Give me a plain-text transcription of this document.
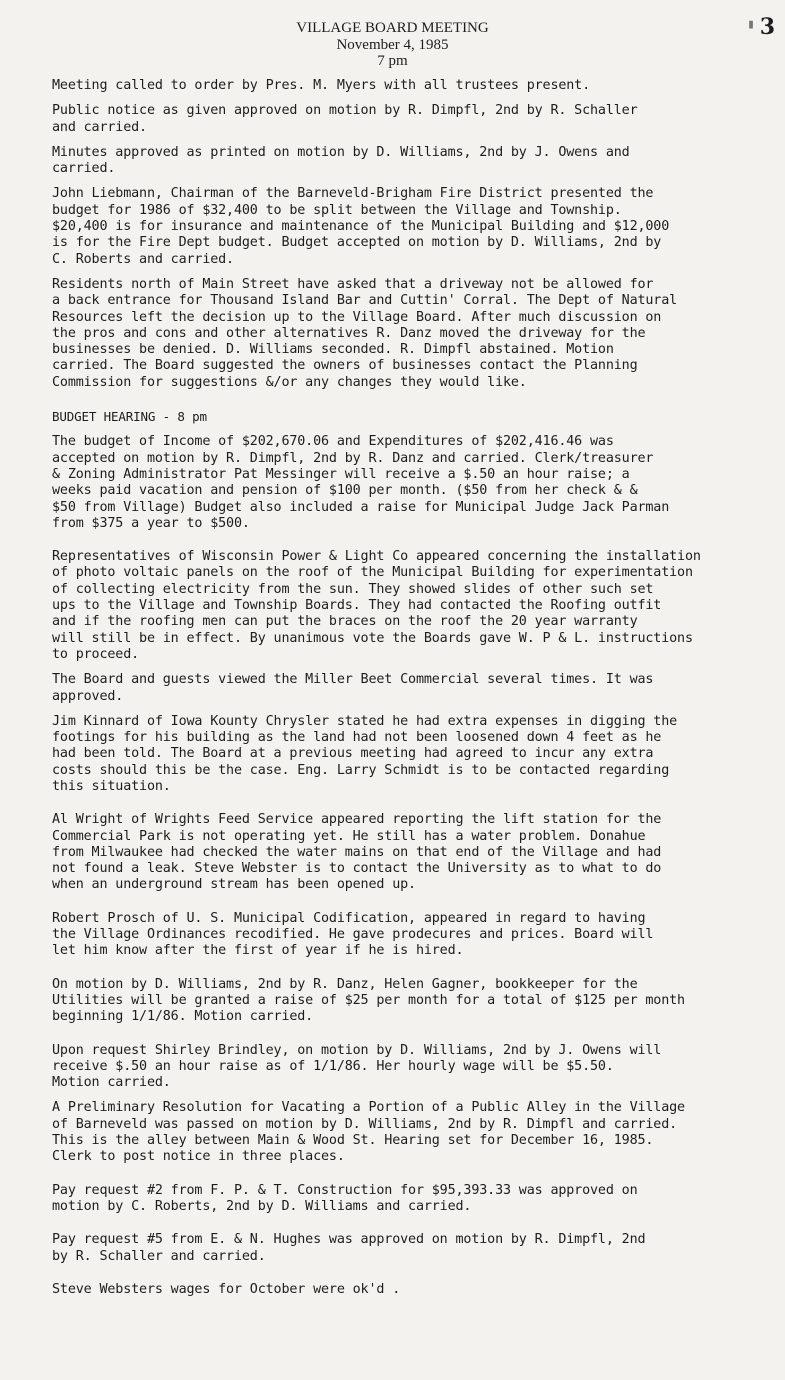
▮ 3
VILLAGE BOARD MEETING
November 4, 1985
7 pm

Meeting called to order by Pres. M. Myers with all trustees present.

Public notice as given approved on motion by R. Dimpfl, 2nd by R. Schaller
and carried.

Minutes approved as printed on motion by D. Williams, 2nd by J. Owens and
carried.

John Liebmann, Chairman of the Barneveld-Brigham Fire District presented the
budget for 1986 of $32,400 to be split between the Village and Township.
$20,400 is for insurance and maintenance of the Municipal Building and $12,000
is for the Fire Dept budget. Budget accepted on motion by D. Williams, 2nd by
C. Roberts and carried.

Residents north of Main Street have asked that a driveway not be allowed for
a back entrance for Thousand Island Bar and Cuttin' Corral. The Dept of Natural
Resources left the decision up to the Village Board. After much discussion on
the pros and cons and other alternatives R. Danz moved the driveway for the
businesses be denied. D. Williams seconded. R. Dimpfl abstained. Motion
carried. The Board suggested the owners of businesses contact the Planning
Commission for suggestions &/or any changes they would like.

BUDGET HEARING - 8 pm

The budget of Income of $202,670.06 and Expenditures of $202,416.46 was
accepted on motion by R. Dimpfl, 2nd by R. Danz and carried. Clerk/treasurer
& Zoning Administrator Pat Messinger will receive a $.50 an hour raise; a
weeks paid vacation and pension of $100 per month. ($50 from her check & &
$50 from Village) Budget also included a raise for Municipal Judge Jack Parman
from $375 a year to $500.

Representatives of Wisconsin Power & Light Co appeared concerning the installation
of photo voltaic panels on the roof of the Municipal Building for experimentation
of collecting electricity from the sun. They showed slides of other such set
ups to the Village and Township Boards. They had contacted the Roofing outfit
and if the roofing men can put the braces on the roof the 20 year warranty
will still be in effect. By unanimous vote the Boards gave W. P & L. instructions
to proceed.

The Board and guests viewed the Miller Beet Commercial several times. It was
approved.

Jim Kinnard of Iowa Kounty Chrysler stated he had extra expenses in digging the
footings for his building as the land had not been loosened down 4 feet as he
had been told. The Board at a previous meeting had agreed to incur any extra
costs should this be the case. Eng. Larry Schmidt is to be contacted regarding
this situation.

Al Wright of Wrights Feed Service appeared reporting the lift station for the
Commercial Park is not operating yet. He still has a water problem. Donahue
from Milwaukee had checked the water mains on that end of the Village and had
not found a leak. Steve Webster is to contact the University as to what to do
when an underground stream has been opened up.

Robert Prosch of U. S. Municipal Codification, appeared in regard to having
the Village Ordinances recodified. He gave prodecures and prices. Board will
let him know after the first of year if he is hired.

On motion by D. Williams, 2nd by R. Danz, Helen Gagner, bookkeeper for the
Utilities will be granted a raise of $25 per month for a total of $125 per month
beginning 1/1/86. Motion carried.

Upon request Shirley Brindley, on motion by D. Williams, 2nd by J. Owens will
receive $.50 an hour raise as of 1/1/86. Her hourly wage will be $5.50.
Motion carried.

A Preliminary Resolution for Vacating a Portion of a Public Alley in the Village
of Barneveld was passed on motion by D. Williams, 2nd by R. Dimpfl and carried.
This is the alley between Main & Wood St. Hearing set for December 16, 1985.
Clerk to post notice in three places.

Pay request #2 from F. P. & T. Construction for $95,393.33 was approved on
motion by C. Roberts, 2nd by D. Williams and carried.

Pay request #5 from E. & N. Hughes was approved on motion by R. Dimpfl, 2nd
by R. Schaller and carried.

Steve Websters wages for October were ok'd .
